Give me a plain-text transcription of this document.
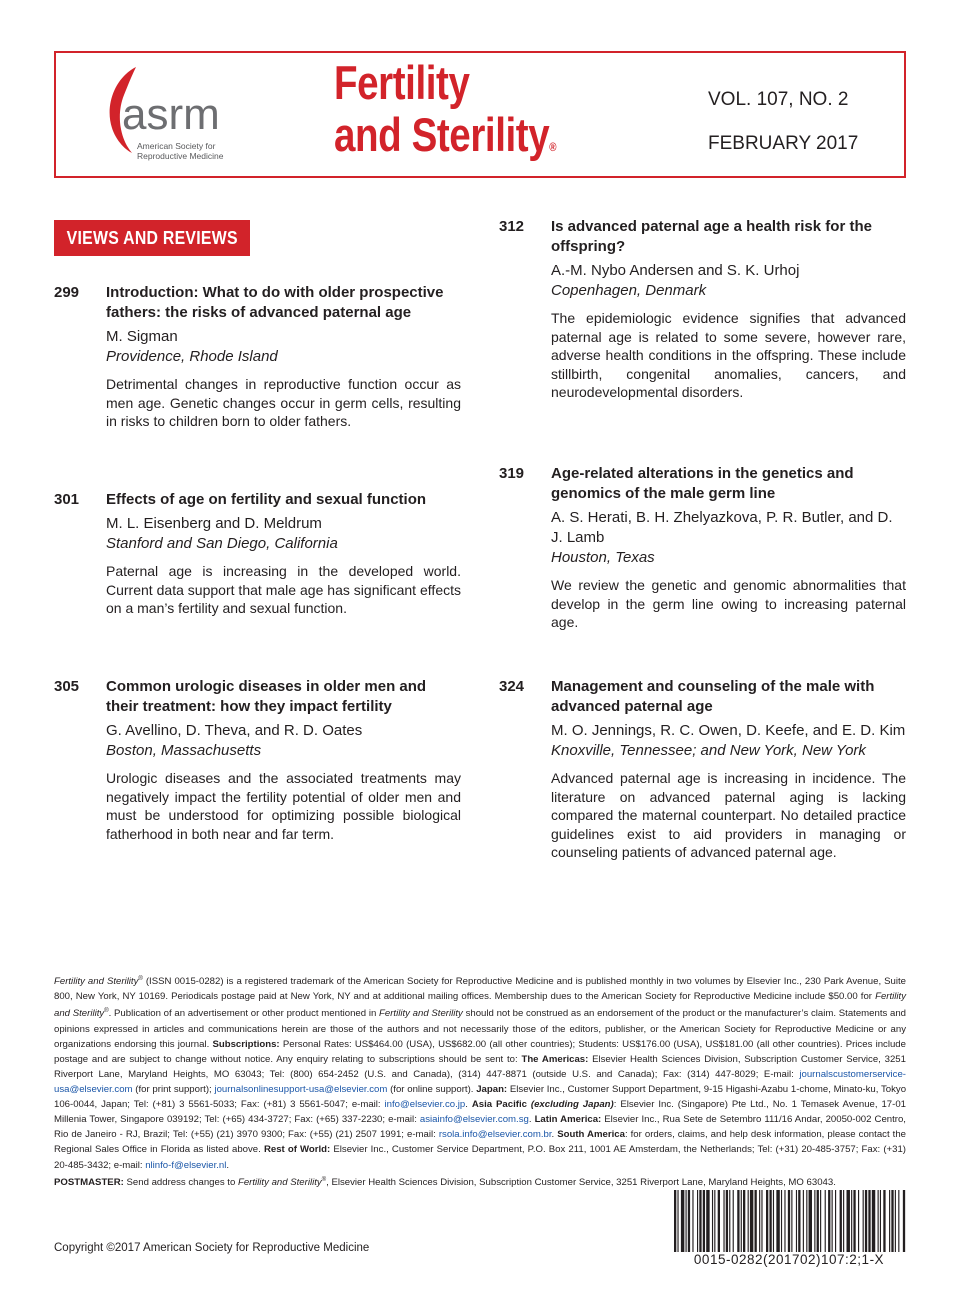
asrm
American Society for
Reproductive Medicine
Fertility
and Sterility®
VOL. 107, NO. 2
FEBRUARY 2017
VIEWS AND REVIEWS
299	Introduction: What to do with older prospective fathers: the risks of advanced paternal age
M. Sigman
Providence, Rhode Island
Detrimental changes in reproductive function occur as men age. Genetic changes occur in germ cells, resulting in risks to children born to older fathers.
301	Effects of age on fertility and sexual function
M. L. Eisenberg and D. Meldrum
Stanford and San Diego, California
Paternal age is increasing in the developed world. Current data support that male age has significant effects on a man’s fertility and sexual function.
305	Common urologic diseases in older men and their treatment: how they impact fertility
G. Avellino, D. Theva, and R. D. Oates
Boston, Massachusetts
Urologic diseases and the associated treatments may negatively impact the fertility potential of older men and must be understood for optimizing possible biological fatherhood in both near and far term.
312	Is advanced paternal age a health risk for the offspring?
A.-M. Nybo Andersen and S. K. Urhoj
Copenhagen, Denmark
The epidemiologic evidence signifies that advanced paternal age is related to some severe, however rare, adverse health conditions in the offspring. These include stillbirth, congenital anomalies, cancers, and neurodevelopmental disorders.
319	Age-related alterations in the genetics and genomics of the male germ line
A. S. Herati, B. H. Zhelyazkova, P. R. Butler, and D. J. Lamb
Houston, Texas
We review the genetic and genomic abnormalities that develop in the germ line owing to increasing paternal age.
324	Management and counseling of the male with advanced paternal age
M. O. Jennings, R. C. Owen, D. Keefe, and E. D. Kim
Knoxville, Tennessee; and New York, New York
Advanced paternal age is increasing in incidence. The literature on advanced paternal aging is lacking compared the maternal counterpart. No detailed practice guidelines exist to aid providers in managing or counseling patients of advanced paternal age.
Fertility and Sterility® (ISSN 0015-0282) is a registered trademark of the American Society for Reproductive Medicine and is published monthly in two volumes by Elsevier Inc., 230 Park Avenue, Suite 800, New York, NY 10169. Periodicals postage paid at New York, NY and at additional mailing offices. Membership dues to the American Society for Reproductive Medicine include $50.00 for Fertility and Sterility®. Publication of an advertisement or other product mentioned in Fertility and Sterility should not be construed as an endorsement of the product or the manufacturer’s claim. Statements and opinions expressed in articles and communications herein are those of the authors and not necessarily those of the editors, publisher, or the American Society for Reproductive Medicine or any organizations endorsing this journal. Subscriptions: Personal Rates: US$464.00 (USA), US$682.00 (all other countries); Students: US$176.00 (USA), US$181.00 (all other countries). Prices include postage and are subject to change without notice. Any enquiry relating to subscriptions should be sent to: The Americas: Elsevier Health Sciences Division, Subscription Customer Service, 3251 Riverport Lane, Maryland Heights, MO 63043; Tel: (800) 654-2452 (U.S. and Canada), (314) 447-8871 (outside U.S. and Canada); Fax: (314) 447-8029; E-mail: journalscustomerservice-usa@elsevier.com (for print support); journalsonlinesupport-usa@elsevier.com (for online support). Japan: Elsevier Inc., Customer Support Department, 9-15 Higashi-Azabu 1-chome, Minato-ku, Tokyo 106-0044, Japan; Tel: (+81) 3 5561-5033; Fax: (+81) 3 5561-5047; e-mail: info@elsevier.co.jp. Asia Pacific (excluding Japan): Elsevier Inc. (Singapore) Pte Ltd., No. 1 Temasek Avenue, 17-01 Millenia Tower, Singapore 039192; Tel: (+65) 434-3727; Fax: (+65) 337-2230; e-mail: asiainfo@elsevier.com.sg. Latin America: Elsevier Inc., Rua Sete de Setembro 111/16 Andar, 20050-002 Centro, Rio de Janeiro - RJ, Brazil; Tel: (+55) (21) 3970 9300; Fax: (+55) (21) 2507 1991; e-mail: rsola.info@elsevier.com.br. South America: for orders, claims, and help desk information, please contact the Regional Sales Office in Florida as listed above. Rest of World: Elsevier Inc., Customer Service Department, P.O. Box 211, 1001 AE Amsterdam, the Netherlands; Tel: (+31) 20-485-3757; Fax: (+31) 20-485-3432; e-mail: nlinfo-f@elsevier.nl.
POSTMASTER: Send address changes to Fertility and Sterility®, Elsevier Health Sciences Division, Subscription Customer Service, 3251 Riverport Lane, Maryland Heights, MO 63043.
Copyright ©2017 American Society for Reproductive Medicine
0015-0282(201702)107:2;1-X
